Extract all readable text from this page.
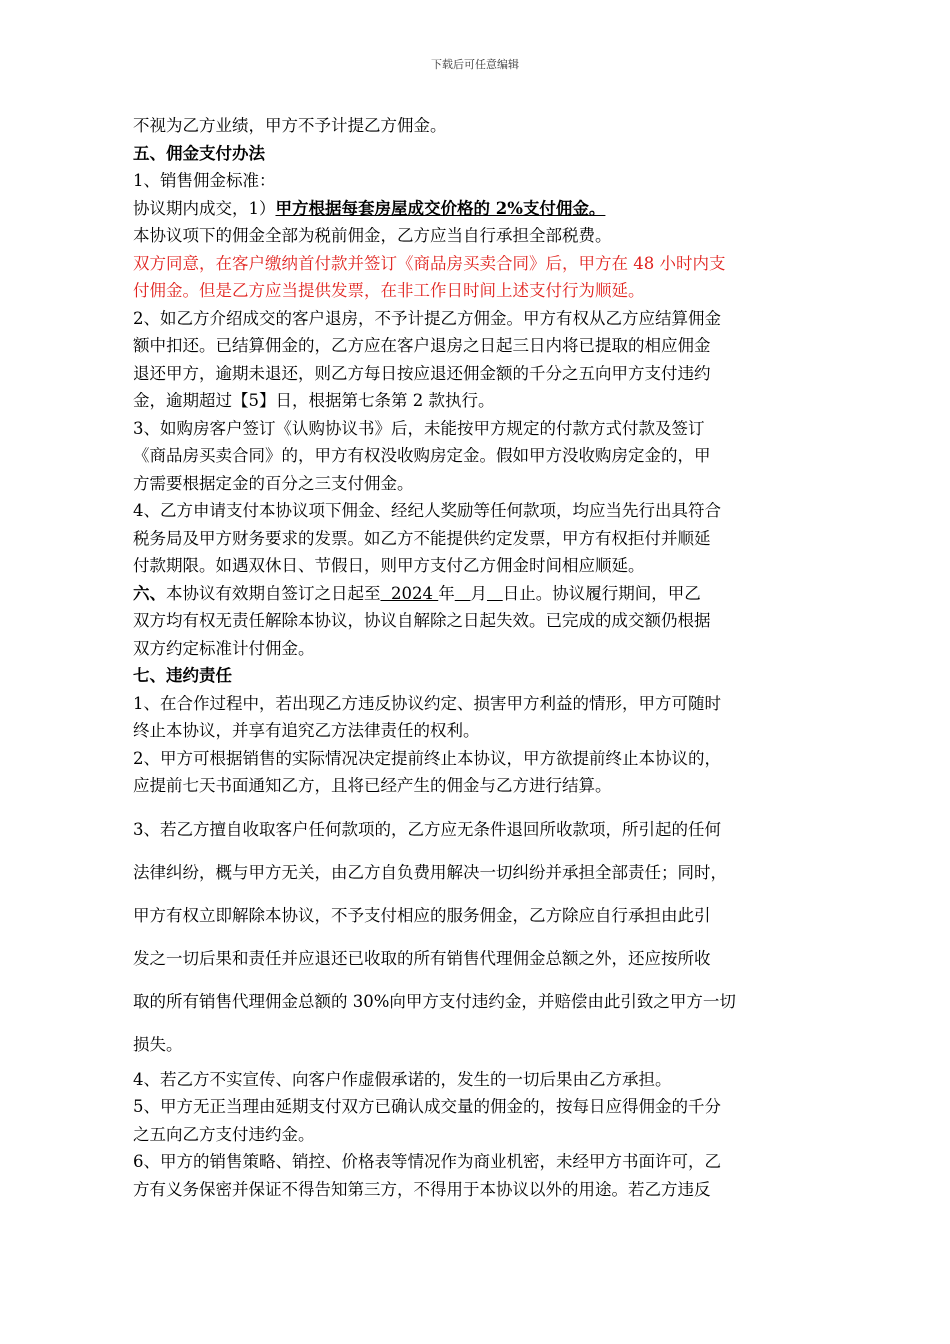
下载后可任意编辑
不视为乙方业绩，甲方不予计提乙方佣金。
五、佣金支付办法
1、销售佣金标准：
协议期内成交，1）甲方根据每套房屋成交价格的 2%支付佣金。
本协议项下的佣金全部为税前佣金，乙方应当自行承担全部税费。
双方同意，在客户缴纳首付款并签订《商品房买卖合同》后，甲方在 48 小时内支
付佣金。但是乙方应当提供发票，在非工作日时间上述支付行为顺延。
2、如乙方介绍成交的客户退房，不予计提乙方佣金。甲方有权从乙方应结算佣金
额中扣还。已结算佣金的，乙方应在客户退房之日起三日内将已提取的相应佣金
退还甲方，逾期未退还，则乙方每日按应退还佣金额的千分之五向甲方支付违约
金，逾期超过【5】日，根据第七条第 2 款执行。
3、如购房客户签订《认购协议书》后，未能按甲方规定的付款方式付款及签订
《商品房买卖合同》的，甲方有权没收购房定金。假如甲方没收购房定金的，甲
方需要根据定金的百分之三支付佣金。
4、乙方申请支付本协议项下佣金、经纪人奖励等任何款项，均应当先行出具符合
税务局及甲方财务要求的发票。如乙方不能提供约定发票，甲方有权拒付并顺延
付款期限。如遇双休日、节假日，则甲方支付乙方佣金时间相应顺延。
六、本协议有效期自签订之日起至  2024 年 月 日止。协议履行期间，甲乙
双方均有权无责任解除本协议，协议自解除之日起失效。已完成的成交额仍根据
双方约定标准计付佣金。
七、违约责任
1、在合作过程中，若出现乙方违反协议约定、损害甲方利益的情形，甲方可随时
终止本协议，并享有追究乙方法律责任的权利。
2、甲方可根据销售的实际情况决定提前终止本协议，甲方欲提前终止本协议的，
应提前七天书面通知乙方，且将已经产生的佣金与乙方进行结算。
3、若乙方擅自收取客户任何款项的，乙方应无条件退回所收款项，所引起的任何
法律纠纷，概与甲方无关，由乙方自负费用解决一切纠纷并承担全部责任；同时，
甲方有权立即解除本协议，不予支付相应的服务佣金，乙方除应自行承担由此引
发之一切后果和责任并应退还已收取的所有销售代理佣金总额之外，还应按所收
取的所有销售代理佣金总额的 30%向甲方支付违约金，并赔偿由此引致之甲方一切
损失。
4、若乙方不实宣传、向客户作虚假承诺的，发生的一切后果由乙方承担。
5、甲方无正当理由延期支付双方已确认成交量的佣金的，按每日应得佣金的千分
之五向乙方支付违约金。
6、甲方的销售策略、销控、价格表等情况作为商业机密，未经甲方书面许可，乙
方有义务保密并保证不得告知第三方，不得用于本协议以外的用途。若乙方违反
